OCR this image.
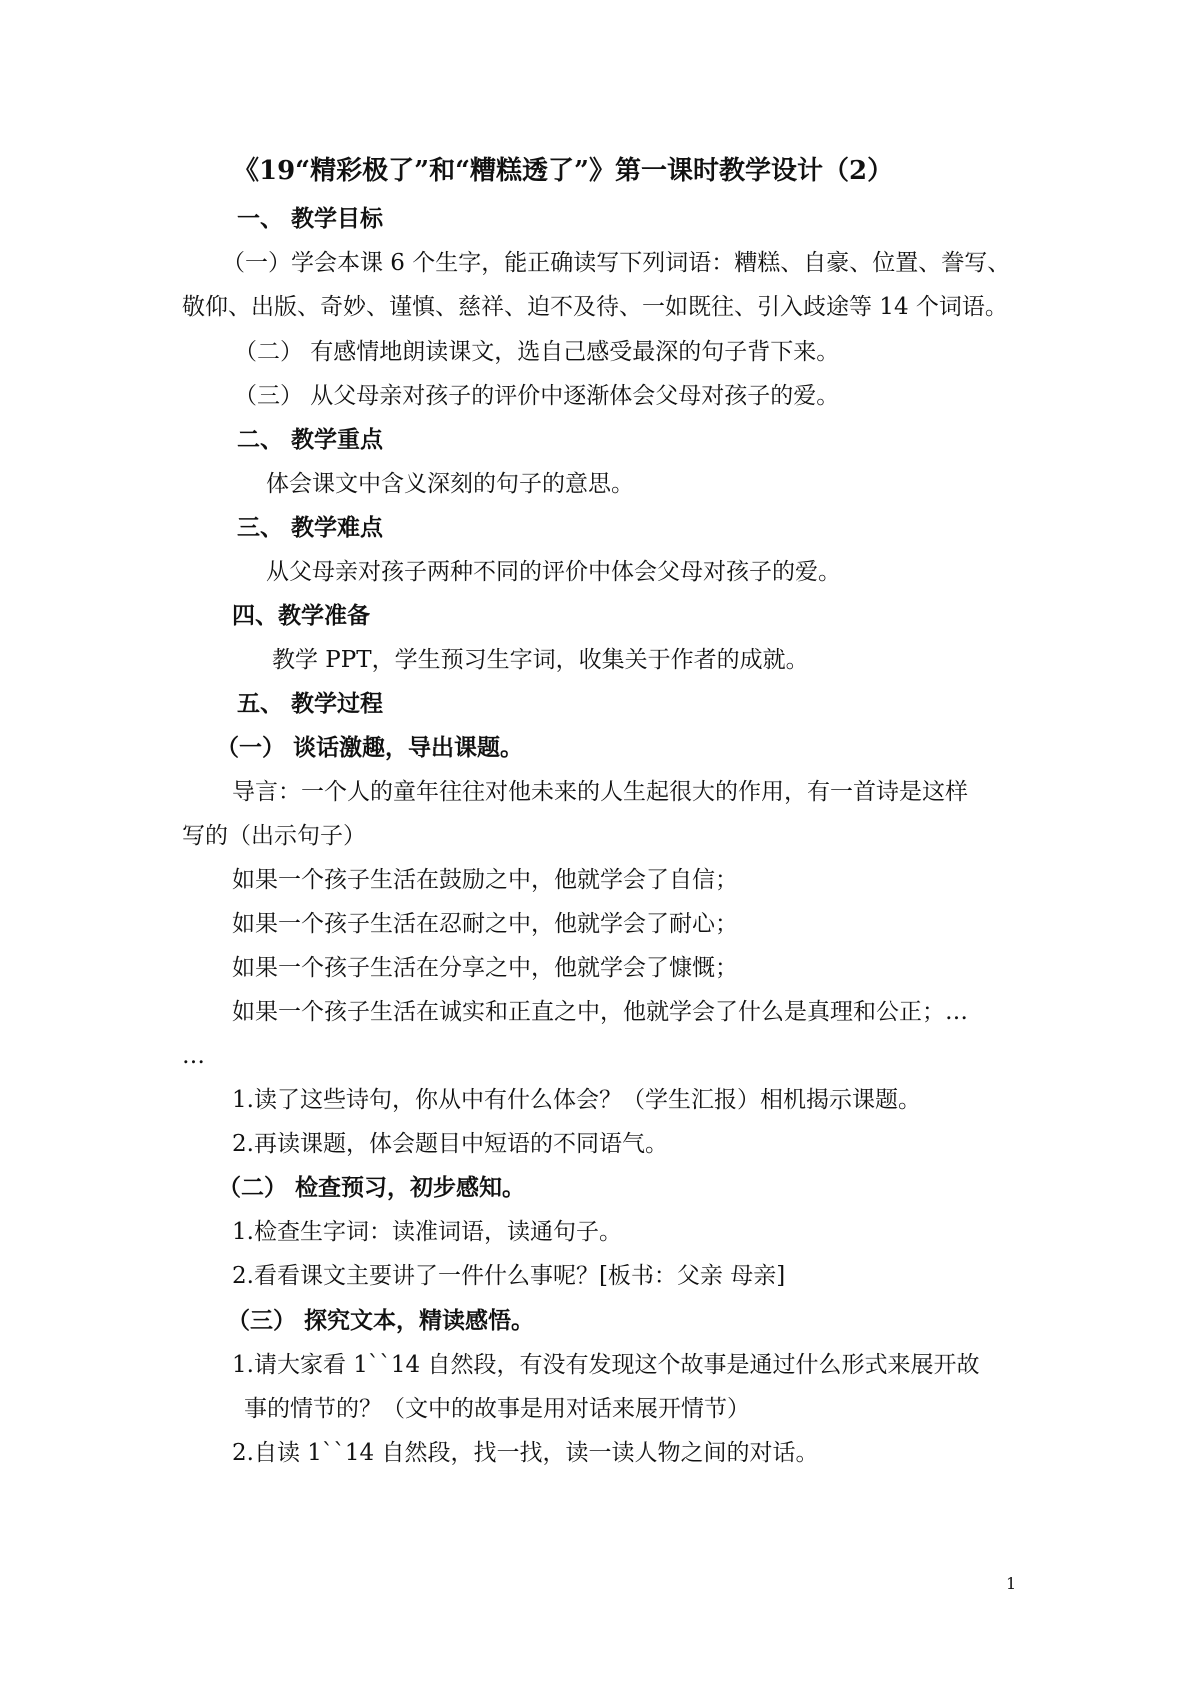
《19“精彩极了”和“糟糕透了”》第一课时教学设计（2）
一、 教学目标
（一）学会本课 6 个生字，能正确读写下列词语：糟糕、自豪、位置、誊写、
敬仰、出版、奇妙、谨慎、慈祥、迫不及待、一如既往、引入歧途等 14 个词语。
（二） 有感情地朗读课文，选自己感受最深的句子背下来。
（三） 从父母亲对孩子的评价中逐渐体会父母对孩子的爱。
二、 教学重点
体会课文中含义深刻的句子的意思。
三、 教学难点
从父母亲对孩子两种不同的评价中体会父母对孩子的爱。
四、教学准备
教学 PPT，学生预习生字词，收集关于作者的成就。
五、 教学过程
（一） 谈话激趣，导出课题。
导言：一个人的童年往往对他未来的人生起很大的作用，有一首诗是这样
写的（出示句子）
如果一个孩子生活在鼓励之中，他就学会了自信；
如果一个孩子生活在忍耐之中，他就学会了耐心；
如果一个孩子生活在分享之中，他就学会了慷慨；
如果一个孩子生活在诚实和正直之中，他就学会了什么是真理和公正；…
…
1.读了这些诗句，你从中有什么体会？（学生汇报）相机揭示课题。
2.再读课题，体会题目中短语的不同语气。
（二） 检查预习，初步感知。
1.检查生字词：读准词语，读通句子。
2.看看课文主要讲了一件什么事呢？[板书：父亲 母亲]
（三） 探究文本，精读感悟。
1.请大家看 1``14 自然段，有没有发现这个故事是通过什么形式来展开故
事的情节的？（文中的故事是用对话来展开情节）
2.自读 1``14 自然段，找一找，读一读人物之间的对话。
1
